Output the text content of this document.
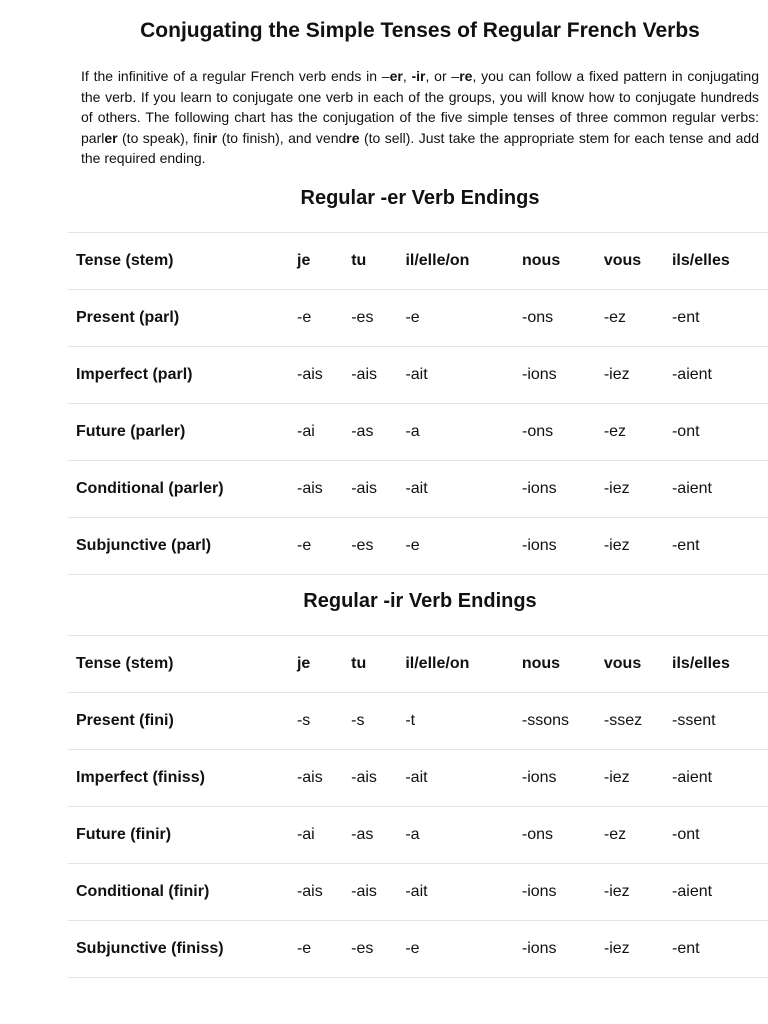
Conjugating the Simple Tenses of Regular French Verbs

If the infinitive of a regular French verb ends in –er, -ir, or –re, you can follow a fixed pattern in conjugating the verb. If you learn to conjugate one verb in each of the groups, you will know how to conjugate hundreds of others. The following chart has the conjugation of the five simple tenses of three common regular verbs: parler (to speak), finir (to finish), and vendre (to sell). Just take the appropriate stem for each tense and add the required ending.

Regular -er Verb Endings
Tense (stem)	je	tu	il/elle/on	nous	vous	ils/elles
Present (parl)	-e	-es	-e	-ons	-ez	-ent
Imperfect (parl)	-ais	-ais	-ait	-ions	-iez	-aient
Future (parler)	-ai	-as	-a	-ons	-ez	-ont
Conditional (parler)	-ais	-ais	-ait	-ions	-iez	-aient
Subjunctive (parl)	-e	-es	-e	-ions	-iez	-ent
Regular -ir Verb Endings
Tense (stem)	je	tu	il/elle/on	nous	vous	ils/elles
Present (fini)	-s	-s	-t	-ssons	-ssez	-ssent
Imperfect (finiss)	-ais	-ais	-ait	-ions	-iez	-aient
Future (finir)	-ai	-as	-a	-ons	-ez	-ont
Conditional (finir)	-ais	-ais	-ait	-ions	-iez	-aient
Subjunctive (finiss)	-e	-es	-e	-ions	-iez	-ent
